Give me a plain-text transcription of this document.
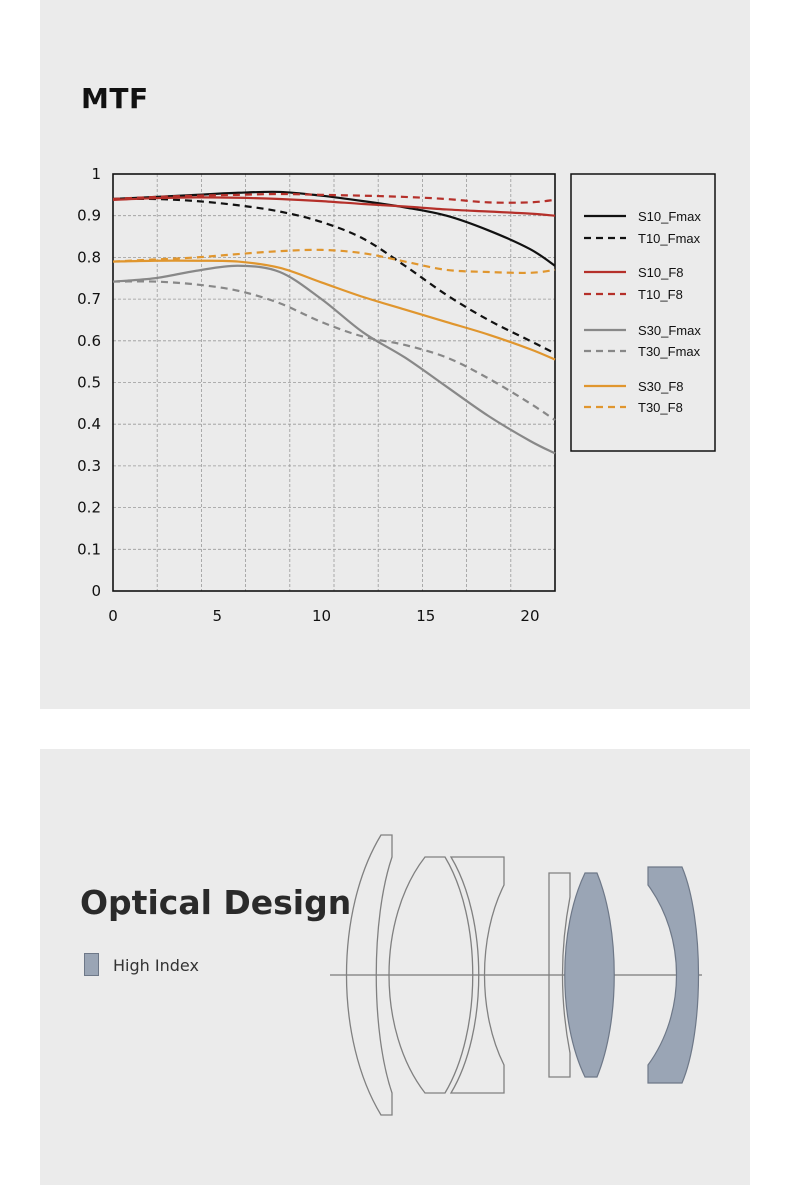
MTF
0
0.1
0.2
0.3
0.4
0.5
0.6
0.7
0.8
0.9
1
0	5	10	15	20
S10_Fmax
T10_Fmax
S10_F8
T10_F8
S30_Fmax
T30_Fmax
S30_F8
T30_F8
Optical Design
High Index
